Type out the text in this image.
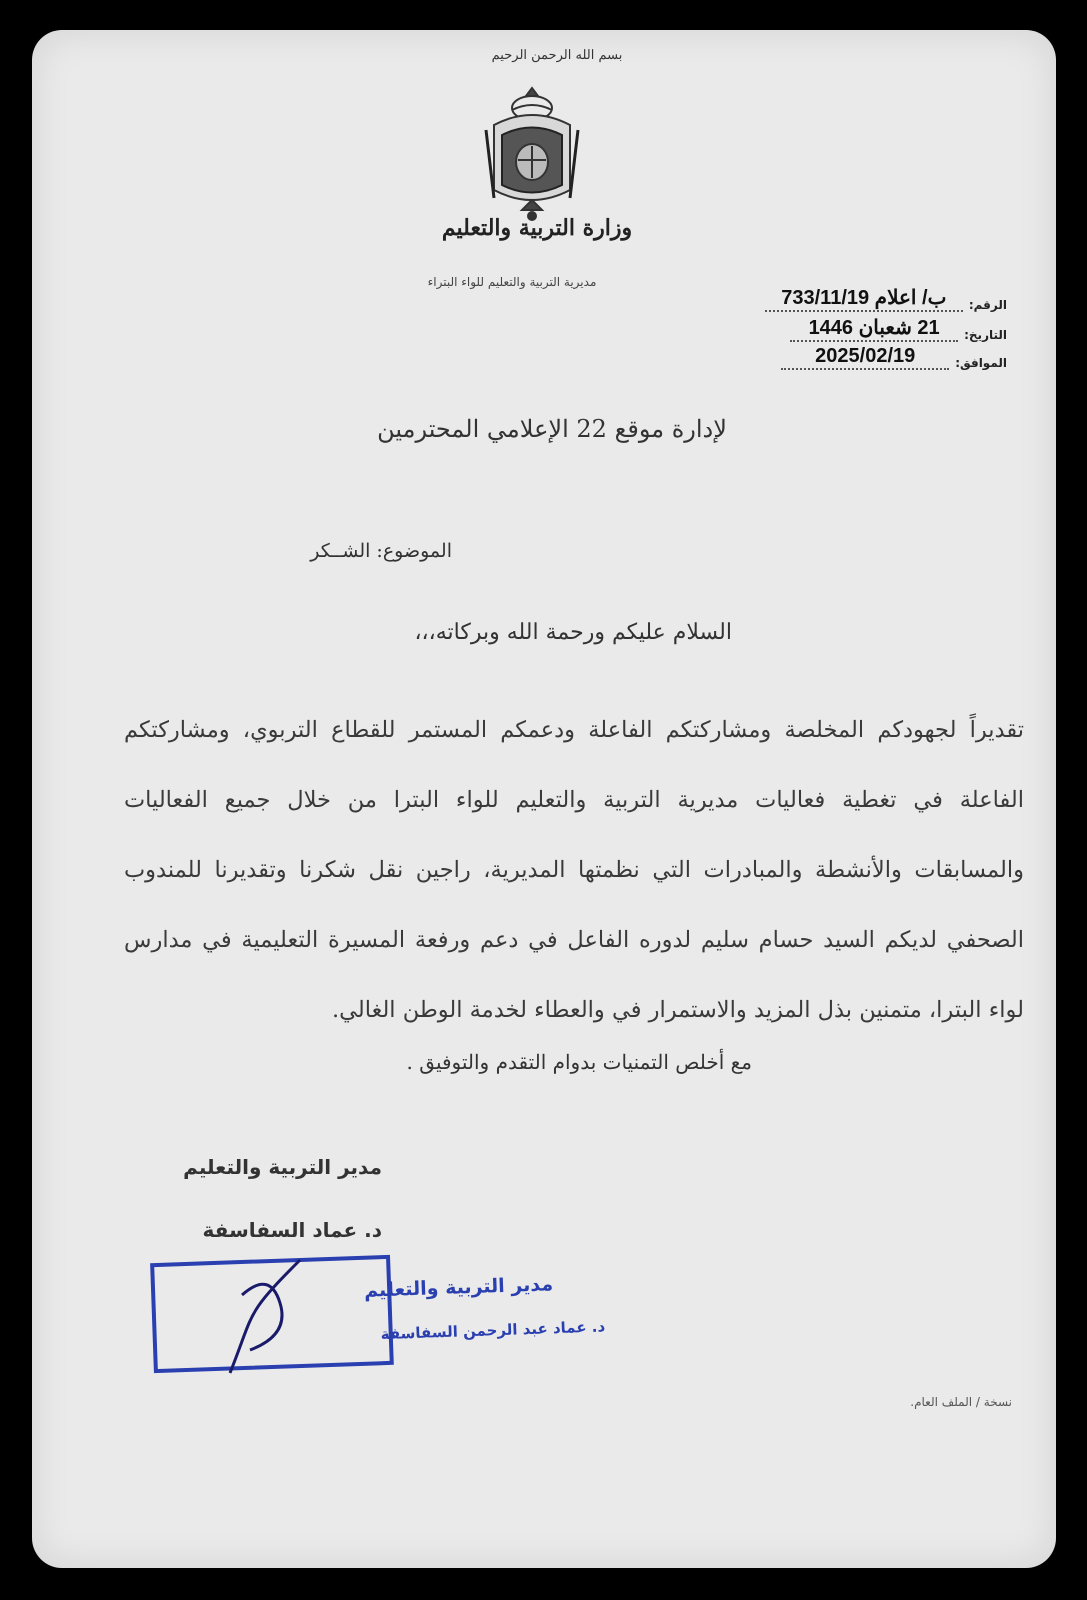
بسم الله الرحمن الرحيم
وزارة التربية والتعليم
مديرية التربية والتعليم للواء البتراء
الرقم:
ب/ اعلام 733/11/19
التاريخ:
21 شعبان 1446
الموافق:
2025/02/19
لإدارة موقع 22 الإعلامي المحترمين
الموضوع: الشــكر
السلام عليكم ورحمة الله وبركاته،،،
تقديراً لجهودكم المخلصة ومشاركتكم الفاعلة ودعمكم المستمر للقطاع التربوي، ومشاركتكم الفاعلة في تغطية فعاليات مديرية التربية والتعليم للواء البترا من خلال جميع الفعاليات والمسابقات والأنشطة والمبادرات التي نظمتها المديرية، راجين نقل شكرنا وتقديرنا للمندوب الصحفي لديكم السيد حسام سليم لدوره الفاعل في دعم ورفعة المسيرة التعليمية في مدارس لواء البترا، متمنين بذل المزيد والاستمرار في والعطاء لخدمة الوطن الغالي.
مع أخلص التمنيات بدوام التقدم والتوفيق .
مدير التربية والتعليم
د. عماد السفاسفة
مدير التربية والتعليم
د. عماد عبد الرحمن السفاسفة
نسخة / الملف العام.
